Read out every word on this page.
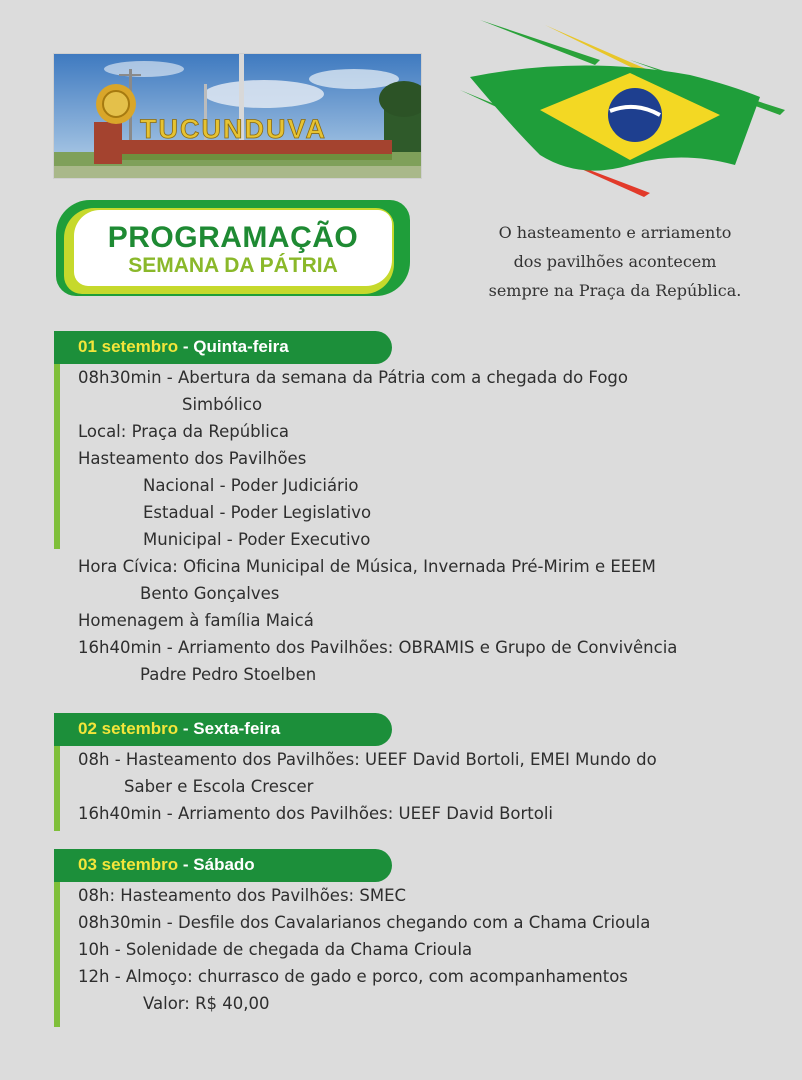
TUCUNDUVA
PROGRAMAÇÃO
SEMANA DA PÁTRIA
O hasteamento e arriamento
dos pavilhões acontecem
sempre na Praça da República.
01 setembro - Quinta-feira
08h30min - Abertura da semana da Pátria com a chegada do Fogo
Simbólico
Local: Praça da República
Hasteamento dos Pavilhões
Nacional - Poder Judiciário
Estadual - Poder Legislativo
Municipal - Poder Executivo
Hora Cívica: Oficina Municipal de Música, Invernada Pré-Mirim e EEEM
Bento Gonçalves
Homenagem à família Maicá
16h40min - Arriamento dos Pavilhões: OBRAMIS e Grupo de Convivência
Padre Pedro Stoelben
02 setembro - Sexta-feira
08h - Hasteamento dos Pavilhões: UEEF David Bortoli, EMEI Mundo do
Saber e Escola Crescer
16h40min - Arriamento dos Pavilhões: UEEF David Bortoli
03 setembro - Sábado
08h: Hasteamento dos Pavilhões: SMEC
08h30min - Desfile dos Cavalarianos chegando com a Chama Crioula
10h - Solenidade de chegada da Chama Crioula
12h - Almoço: churrasco de gado e porco, com acompanhamentos
Valor: R$ 40,00
